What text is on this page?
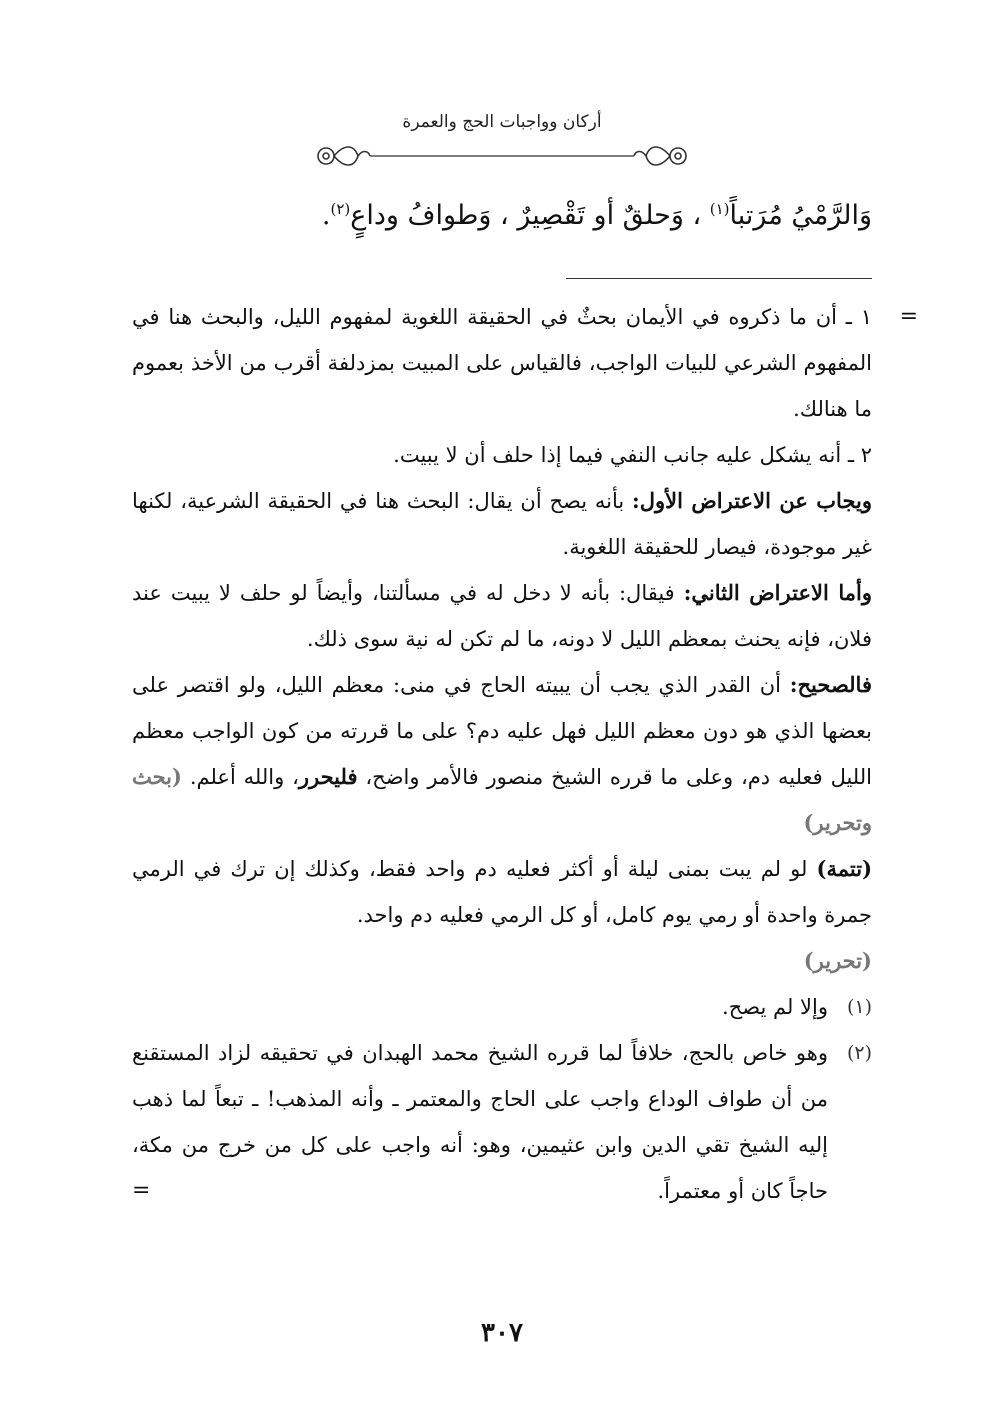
أركان وواجبات الحج والعمرة
وَالرَّمْيُ مُرَتباً$^{(١)}$ ، وَحلقٌ أو تَقْصِيرٌ ، وَطوافُ وداعٍ$^{(٢)}$.
=

١ ـ أن ما ذكروه في الأيمان بحثٌ في الحقيقة اللغوية لمفهوم الليل، والبحث هنا في المفهوم الشرعي للبيات الواجب، فالقياس على المبيت بمزدلفة أقرب من الأخذ بعموم ما هنالك.

٢ ـ أنه يشكل عليه جانب النفي فيما إذا حلف أن لا يبيت.

ويجاب عن الاعتراض الأول: بأنه يصح أن يقال: البحث هنا في الحقيقة الشرعية، لكنها غير موجودة، فيصار للحقيقة اللغوية.

وأما الاعتراض الثاني: فيقال: بأنه لا دخل له في مسألتنا، وأيضاً لو حلف لا يبيت عند فلان، فإنه يحنث بمعظم الليل لا دونه، ما لم تكن له نية سوى ذلك.

فالصحيح: أن القدر الذي يجب أن يبيته الحاج في منى: معظم الليل، ولو اقتصر على بعضها الذي هو دون معظم الليل فهل عليه دم؟ على ما قررته من كون الواجب معظم الليل فعليه دم، وعلى ما قرره الشيخ منصور فالأمر واضح، فليحرر، والله أعلم. (بحث وتحرير)

(تتمة) لو لم يبت بمنى ليلة أو أكثر فعليه دم واحد فقط، وكذلك إن ترك في الرمي جمرة واحدة أو رمي يوم كامل، أو كل الرمي فعليه دم واحد.
(تحرير)

(١)
وإلا لم يصح.
(٢)
وهو خاص بالحج، خلافاً لما قرره الشيخ محمد الهبدان في تحقيقه لزاد المستقنع من أن طواف الوداع واجب على الحاج والمعتمر ـ وأنه المذهب! ـ تبعاً لما ذهب إليه الشيخ تقي الدين وابن عثيمين، وهو: أنه واجب على كل من خرج من مكة، حاجاً كان أو معتمراً.
=
٣٠٧
